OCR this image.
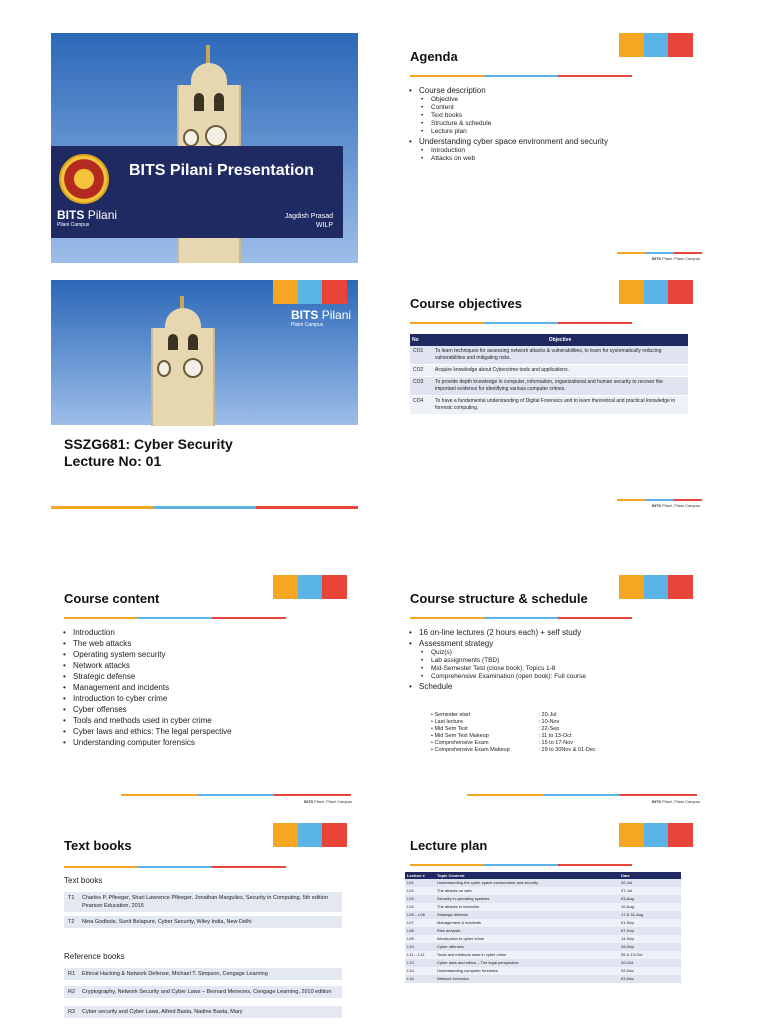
BITS Pilani Presentation
BITS Pilani
Pilani Campus
Jagdish Prasad
WILP
Agenda
• Course description
• Objective
• Content
• Text books
• Structure & schedule
• Lecture plan
• Understanding cyber space environment and security
• Introduction
• Attacks on web
BITS Pilani, Pilani Campus
BITS Pilani
Pilani Campus
SSZG681: Cyber Security
Lecture No: 01
Course objectives
No	Objective
CO1	To learn techniques for assessing network attacks & vulnerabilities, to learn for systematically reducing vulnerabilities and mitigating risks.
CO2	Acquire knowledge about Cybercrime tools and applications.
CO3	To provide depth knowledge in computer, information, organizational and human security to recover the important evidence for identifying various computer crimes.
CO4	To have a fundamental understanding of Digital Forensics and to learn theoretical and practical knowledge in forensic computing.
BITS Pilani, Pilani Campus
Course content
• Introduction
• The web attacks
• Operating system security
• Network attacks
• Strategic defense
• Management and incidents
• Introduction to cyber crime
• Cyber offenses
• Tools and methods used in cyber crime
• Cyber laws and ethics: The legal perspective
• Understanding computer forensics
BITS Pilani, Pilani Campus
Course structure & schedule
• 16 on-line lectures (2 hours each) + self study
• Assessment strategy
• Quiz(s)
• Lab assignments (TBD)
• Mid-Semester Test (close book): Topics 1-8
• Comprehensive Examination (open book): Full course
• Schedule
• Semester start	: 20-Jul
• Last lecture	: 10-Nov
• Mid Sem Test	: 22-Sep
• Mid Sem Test Makeup	: 11 to 13-Oct
• Comprehensive Exam	: 15 to 17-Nov
• Comprehensive Exam Makeup	: 29 to 30Nov & 01-Dec
BITS Pilani, Pilani Campus
Text books
Text books
T1	Charles P. Pfleeger, Shari Lawrence Pfleeger, Jonathan Margulies, Security in Computing, 5th edition Pearson Education, 2015
T2	Nina Godbole, Sunit Belapure, Cyber Security, Wiley India, New Delhi
Reference books
R1	Ethical Hacking & Network Defense, Michael T. Simpson, Cengage Learning
R2	Cryptography, Network Security and Cyber Laws – Bernard Menezes, Cengage Learning, 2010 edition
R3	Cyber security and Cyber Laws, Alfred Basta, Nadine Basta, Mary
Lecture plan
Lecture #	Topic Covered	Date
L01	Understanding the cyber space environment and security	20-Jul
L02	The attacks on web	27-Jul
L03	Security in operating systems	03-Aug
L04	The attacks in networks	10-Aug
L05 – L06	Strategic defense	17 & 31-Aug
L07	Management & incidents	01-Sep
L08	Risk analysis	07-Sep
L09	Introduction to cyber crime	14-Sep
L10	Cyber offenses	28-Sep
L11 – L12	Tools and methods used in cyber crime	05 & 19-Oct
L13	Cyber laws and ethics – The legal perspective	20-Oct
L14	Understanding computer forensics	02-Nov
L15	Network forensics	03-Nov
